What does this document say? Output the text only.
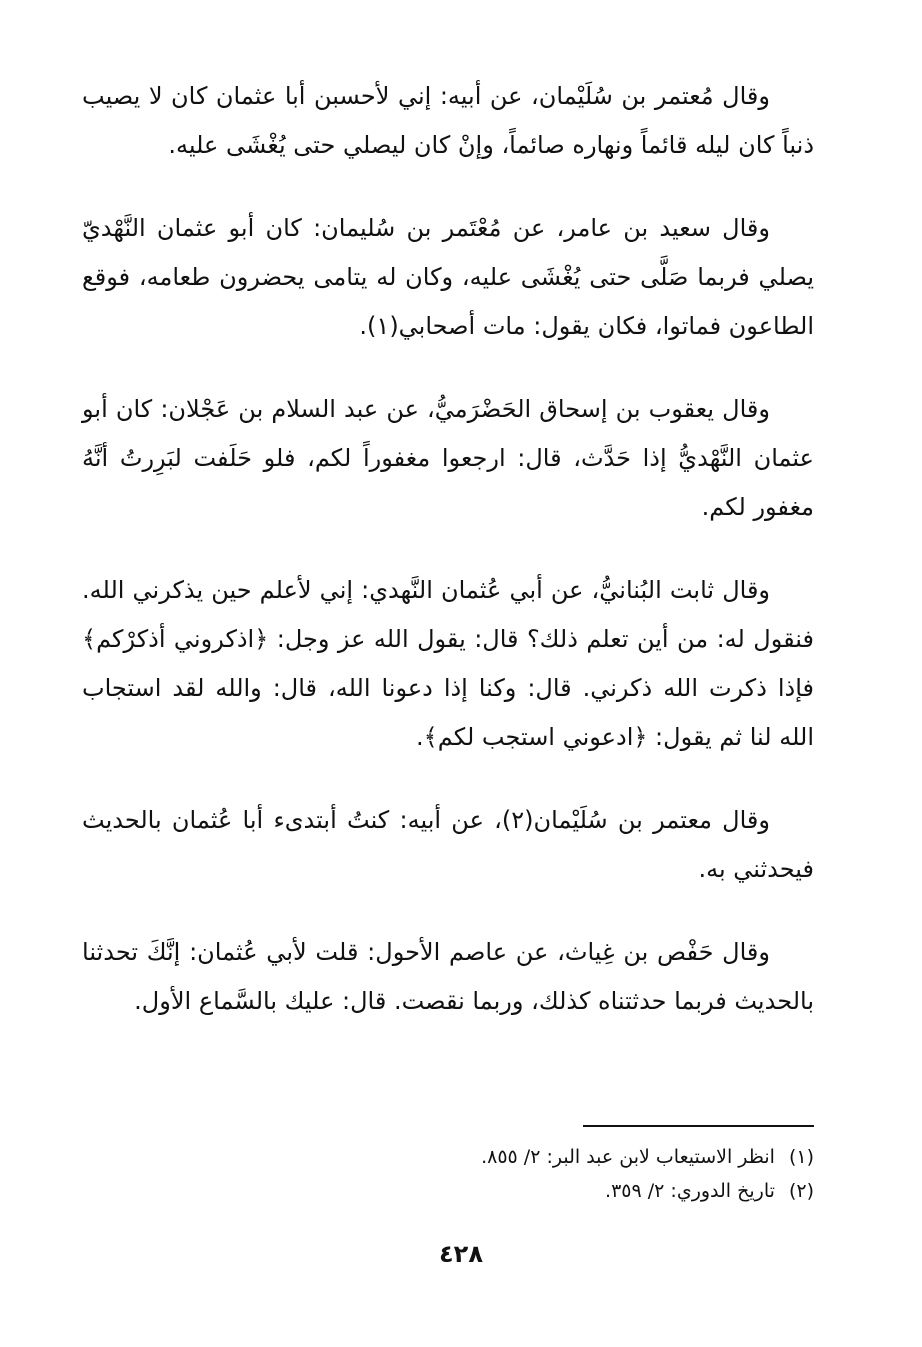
وقال مُعتمر بن سُلَيْمان، عن أبيه: إني لأحسبن أبا عثمان كان لا يصيب ذنباً كان ليله قائماً ونهاره صائماً، وإنْ كان ليصلي حتى يُغْشَى عليه.

وقال سعيد بن عامر، عن مُعْتَمر بن سُليمان: كان أبو عثمان النَّهْديّ يصلي فربما صَلَّى حتى يُغْشَى عليه، وكان له يتامى يحضرون طعامه، فوقع الطاعون فماتوا، فكان يقول: مات أصحابي(١).

وقال يعقوب بن إسحاق الحَضْرَميُّ، عن عبد السلام بن عَجْلان: كان أبو عثمان النَّهْديُّ إذا حَدَّث، قال: ارجعوا مغفوراً لكم، فلو حَلَفت لبَرِرتُ أنَّهُ مغفور لكم.

وقال ثابت البُنانيُّ، عن أبي عُثمان النَّهدي: إني لأعلم حين يذكرني الله. فنقول له: من أين تعلم ذلك؟ قال: يقول الله عز وجل: ﴿اذكروني أذكرْكم﴾ فإذا ذكرت الله ذكرني. قال: وكنا إذا دعونا الله، قال: والله لقد استجاب الله لنا ثم يقول: ﴿ادعوني استجب لكم﴾.

وقال معتمر بن سُلَيْمان(٢)، عن أبيه: كنتُ أبتدىء أبا عُثمان بالحديث فيحدثني به.

وقال حَفْص بن غِياث، عن عاصم الأحول: قلت لأبي عُثمان: إنَّكَ تحدثنا بالحديث فربما حدثتناه كذلك، وربما نقصت. قال: عليك بالسَّماع الأول.

(١)انظر الاستيعاب لابن عبد البر: ٢/ ٨٥٥.

(٢)تاريخ الدوري: ٢/ ٣٥٩.

٤٢٨
